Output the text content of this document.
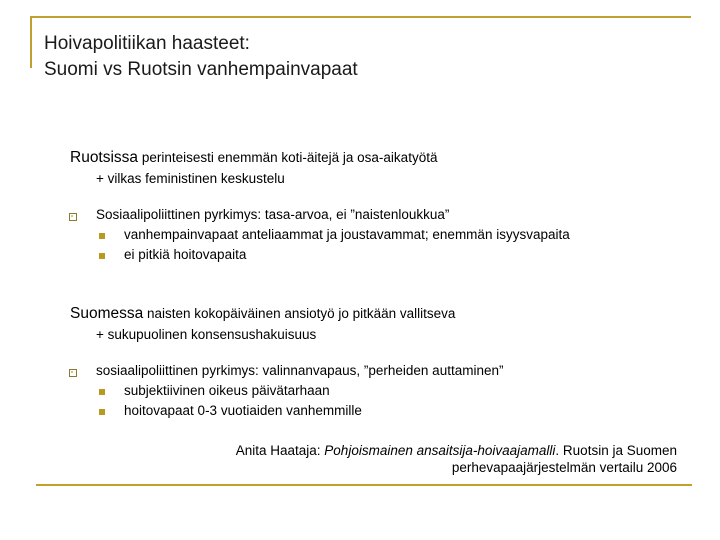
Hoivapolitiikan haasteet:
Suomi vs Ruotsin vanhempainvapaat
Ruotsissa perinteisesti enemmän koti-äitejä ja osa-aikatyötä
+ vilkas feministinen keskustelu
Sosiaalipoliittinen pyrkimys: tasa-arvoa, ei ”naistenloukkua”
vanhempainvapaat anteliaammat ja joustavammat; enemmän isyysvapaita
ei pitkiä hoitovapaita
Suomessa naisten kokopäiväinen ansiotyö jo pitkään vallitseva
+ sukupuolinen konsensushakuisuus
sosiaalipoliittinen pyrkimys: valinnanvapaus, ”perheiden auttaminen”
subjektiivinen oikeus päivätarhaan
hoitovapaat 0-3 vuotiaiden vanhemmille
Anita Haataja: Pohjoismainen ansaitsija-hoivaajamalli. Ruotsin ja Suomen
perhevapaajärjestelmän vertailu 2006
